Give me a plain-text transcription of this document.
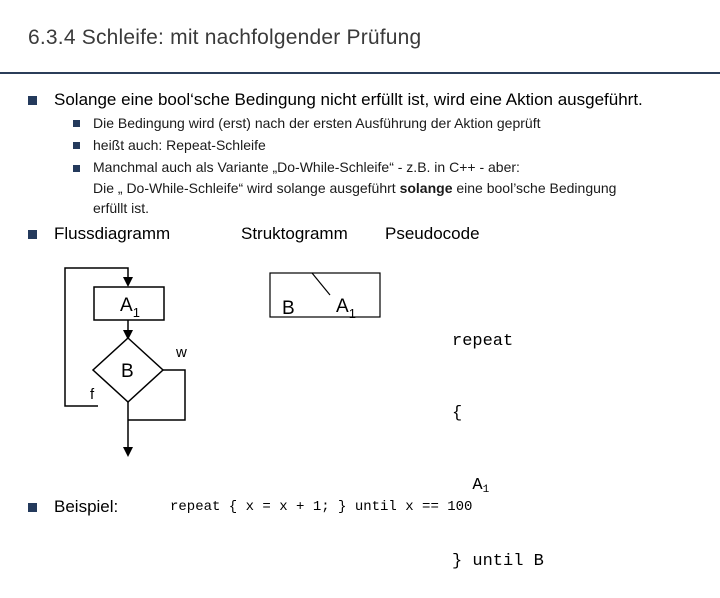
6.3.4 Schleife: mit nachfolgender Prüfung
Solange eine bool‘sche Bedingung nicht erfüllt ist, wird eine Aktion ausgeführt.
Die Bedingung wird (erst) nach der ersten Ausführung der Aktion geprüft
heißt auch: Repeat-Schleife
Manchmal auch als Variante „Do-While-Schleife“ - z.B. in C++ - aber:
Die „ Do-While-Schleife“ wird solange ausgeführt solange eine bool’sche Bedingung
erfüllt ist.
Flussdiagramm	Struktogramm Pseudocode
$A_1$
B
w
f
B $A_1$

repeat

{

A1

} until B

Beispiel:	repeat { x = x + 1; } until x == 100
